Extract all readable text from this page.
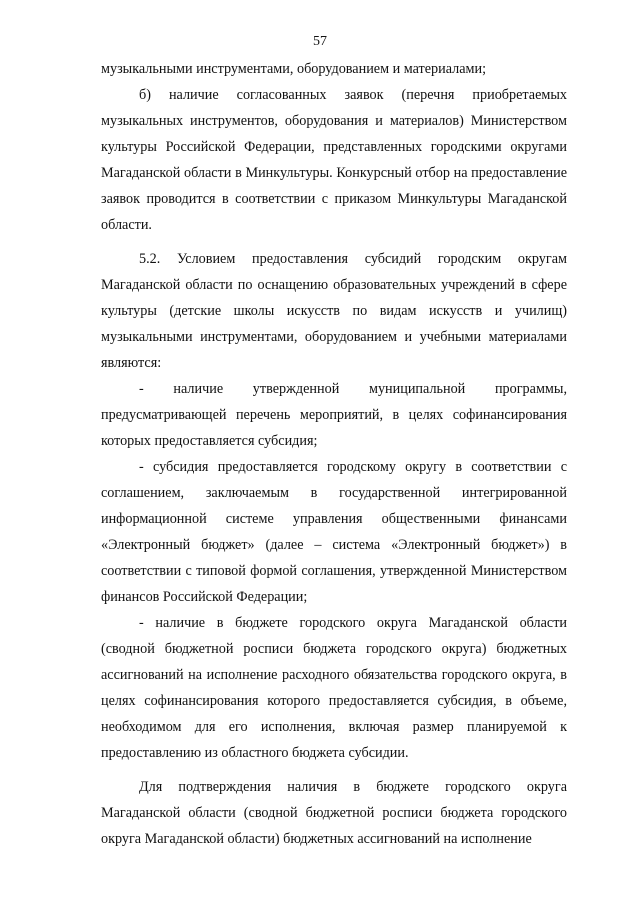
57

музыкальными инструментами, оборудованием и материалами;

б) наличие согласованных заявок (перечня приобретаемых музыкальных инструментов, оборудования и материалов) Министерством культуры Российской Федерации, представленных городскими округами Магаданской области в Минкультуры. Конкурсный отбор на предоставление заявок проводится в соответствии с приказом Минкультуры Магаданской области.

5.2. Условием предоставления субсидий городским округам Магаданской области по оснащению образовательных учреждений в сфере культуры (детские школы искусств по видам искусств и училищ) музыкальными инструментами, оборудованием и учебными материалами являются:

- наличие утвержденной муниципальной программы, предусматривающей перечень мероприятий, в целях софинансирования которых предоставляется субсидия;

- субсидия предоставляется городскому округу в соответствии с соглашением, заключаемым в государственной интегрированной информационной системе управления общественными финансами «Электронный бюджет» (далее – система «Электронный бюджет») в соответствии с типовой формой соглашения, утвержденной Министерством финансов Российской Федерации;

- наличие в бюджете городского округа Магаданской области (сводной бюджетной росписи бюджета городского округа) бюджетных ассигнований на исполнение расходного обязательства городского округа, в целях софинансирования которого предоставляется субсидия, в объеме, необходимом для его исполнения, включая размер планируемой к предоставлению из областного бюджета субсидии.

Для подтверждения наличия в бюджете городского округа Магаданской области (сводной бюджетной росписи бюджета городского округа Магаданской области) бюджетных ассигнований на исполнение
